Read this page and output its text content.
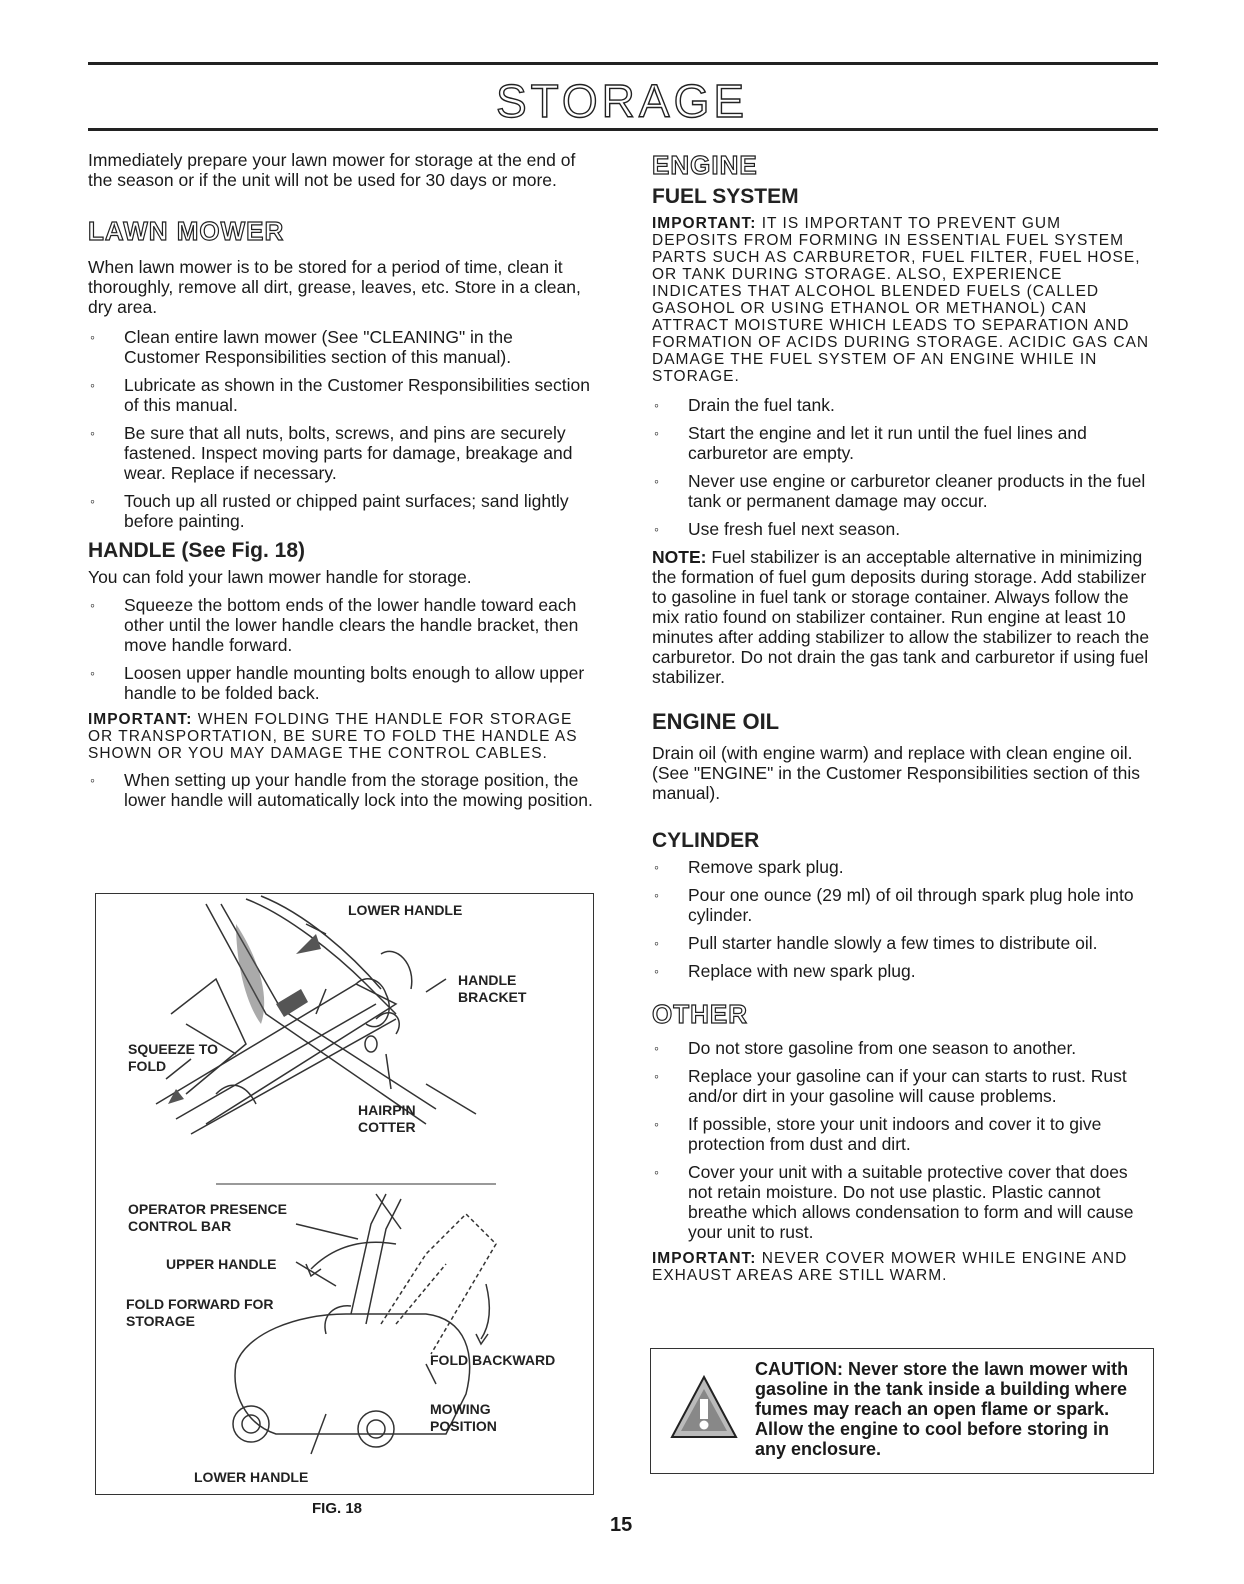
STORAGE

Immediately prepare your lawn mower for storage at the end of the season or if the unit will not be used for 30 days or more.

LAWN MOWER

When lawn mower is to be stored for a period of time, clean it thoroughly, remove all dirt, grease, leaves, etc. Store in a clean, dry area.

◦ Clean entire lawn mower (See "CLEANING" in the Customer Responsibilities section of this manual).
◦ Lubricate as shown in the Customer Responsibilities section of this manual.
◦ Be sure that all nuts, bolts, screws, and pins are securely fastened. Inspect moving parts for damage, breakage and wear. Replace if necessary.
◦ Touch up all rusted or chipped paint surfaces; sand lightly before painting.
HANDLE (See Fig. 18)

You can fold your lawn mower handle for storage.

◦ Squeeze the bottom ends of the lower handle toward each other until the lower handle clears the handle bracket, then move handle forward.
◦ Loosen upper handle mounting bolts enough to allow upper handle to be folded back.

IMPORTANT: WHEN FOLDING THE HANDLE FOR STORAGE OR TRANSPORTATION, BE SURE TO FOLD THE HANDLE AS SHOWN OR YOU MAY DAMAGE THE CONTROL CABLES.

◦ When setting up your handle from the storage position, the lower handle will automatically lock into the mowing position.
LOWER HANDLE
HANDLE BRACKET
SQUEEZE TO FOLD
HAIRPIN COTTER
OPERATOR PRESENCE CONTROL BAR
UPPER HANDLE
FOLD FORWARD FOR STORAGE
FOLD BACKWARD
MOWING POSITION
LOWER HANDLE
FIG. 18
ENGINE
FUEL SYSTEM

IMPORTANT: IT IS IMPORTANT TO PREVENT GUM DEPOSITS FROM FORMING IN ESSENTIAL FUEL SYSTEM PARTS SUCH AS CARBURETOR, FUEL FILTER, FUEL HOSE, OR TANK DURING STORAGE. ALSO, EXPERIENCE INDICATES THAT ALCOHOL BLENDED FUELS (CALLED GASOHOL OR USING ETHANOL OR METHANOL) CAN ATTRACT MOISTURE WHICH LEADS TO SEPARATION AND FORMATION OF ACIDS DURING STORAGE. ACIDIC GAS CAN DAMAGE THE FUEL SYSTEM OF AN ENGINE WHILE IN STORAGE.

◦ Drain the fuel tank.
◦ Start the engine and let it run until the fuel lines and carburetor are empty.
◦ Never use engine or carburetor cleaner products in the fuel tank or permanent damage may occur.
◦ Use fresh fuel next season.

NOTE: Fuel stabilizer is an acceptable alternative in minimizing the formation of fuel gum deposits during storage. Add stabilizer to gasoline in fuel tank or storage container. Always follow the mix ratio found on stabilizer container. Run engine at least 10 minutes after adding stabilizer to allow the stabilizer to reach the carburetor. Do not drain the gas tank and carburetor if using fuel stabilizer.

ENGINE OIL

Drain oil (with engine warm) and replace with clean engine oil. (See "ENGINE" in the Customer Responsibilities section of this manual).

CYLINDER
◦ Remove spark plug.
◦ Pour one ounce (29 ml) of oil through spark plug hole into cylinder.
◦ Pull starter handle slowly a few times to distribute oil.
◦ Replace with new spark plug.
OTHER
◦ Do not store gasoline from one season to another.
◦ Replace your gasoline can if your can starts to rust. Rust and/or dirt in your gasoline will cause problems.
◦ If possible, store your unit indoors and cover it to give protection from dust and dirt.
◦ Cover your unit with a suitable protective cover that does not retain moisture. Do not use plastic. Plastic cannot breathe which allows condensation to form and will cause your unit to rust.

IMPORTANT: NEVER COVER MOWER WHILE ENGINE AND EXHAUST AREAS ARE STILL WARM.

CAUTION: Never store the lawn mower with gasoline in the tank inside a building where fumes may reach an open flame or spark. Allow the engine to cool before storing in any enclosure.
15
